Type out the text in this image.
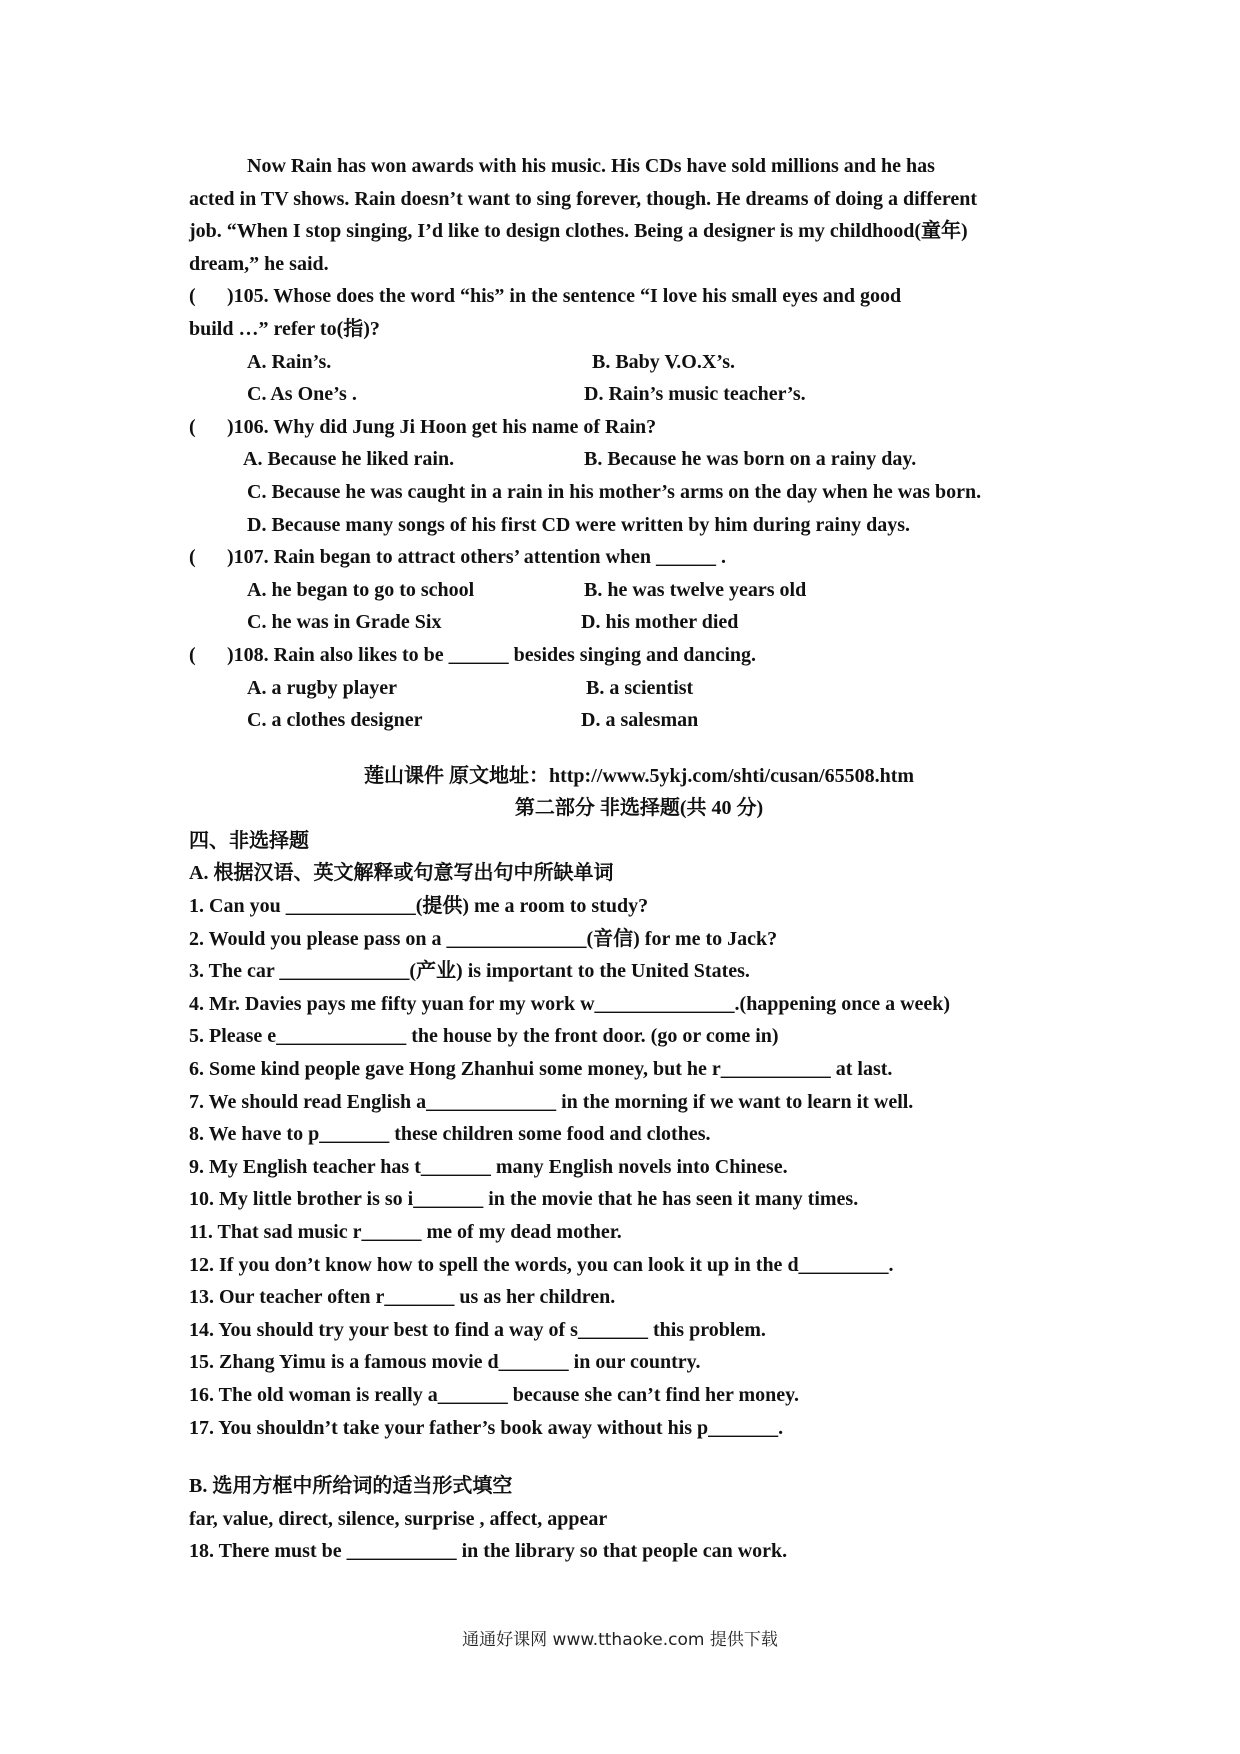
Now Rain has won awards with his music. His CDs have sold millions and he has
acted in TV shows. Rain doesn’t want to sing forever, though. He dreams of doing a different
job. “When I stop singing, I’d like to design clothes. Being a designer is my childhood(童年)
dream,” he said.
( )105. Whose does the word “his” in the sentence “I love his small eyes and good
build …” refer to(指)?
A. Rain’s.	B. Baby V.O.X’s.
C. As One’s .	D. Rain’s music teacher’s.
( )106. Why did Jung Ji Hoon get his name of Rain?
A. Because he liked rain.	B. Because he was born on a rainy day.
C. Because he was caught in a rain in his mother’s arms on the day when he was born.
D. Because many songs of his first CD were written by him during rainy days.
( )107. Rain began to attract others’ attention when ______ .
A. he began to go to school	B. he was twelve years old
C. he was in Grade Six	D. his mother died
( )108. Rain also likes to be ______ besides singing and dancing.
A. a rugby player	B. a scientist
C. a clothes designer	D. a salesman
莲山课件 原文地址：http://www.5ykj.com/shti/cusan/65508.htm
第二部分 非选择题(共 40 分)
四、非选择题
A. 根据汉语、英文解释或句意写出句中所缺单词
1. Can you _____________(提供) me a room to study?
2. Would you please pass on a ______________(音信) for me to Jack?
3. The car _____________(产业) is important to the United States.
4. Mr. Davies pays me fifty yuan for my work w______________.(happening once a week)
5. Please e_____________ the house by the front door. (go or come in)
6. Some kind people gave Hong Zhanhui some money, but he r___________ at last.
7. We should read English a_____________ in the morning if we want to learn it well.
8. We have to p_______ these children some food and clothes.
9. My English teacher has t_______ many English novels into Chinese.
10. My little brother is so i_______ in the movie that he has seen it many times.
11. That sad music r______ me of my dead mother.
12. If you don’t know how to spell the words, you can look it up in the d_________.
13. Our teacher often r_______ us as her children.
14. You should try your best to find a way of s_______ this problem.
15. Zhang Yimu is a famous movie d_______ in our country.
16. The old woman is really a_______ because she can’t find her money.
17. You shouldn’t take your father’s book away without his p_______.
B. 选用方框中所给词的适当形式填空
far, value, direct, silence, surprise , affect, appear
18. There must be ___________ in the library so that people can work.
通通好课网 www.tthaoke.com 提供下载
